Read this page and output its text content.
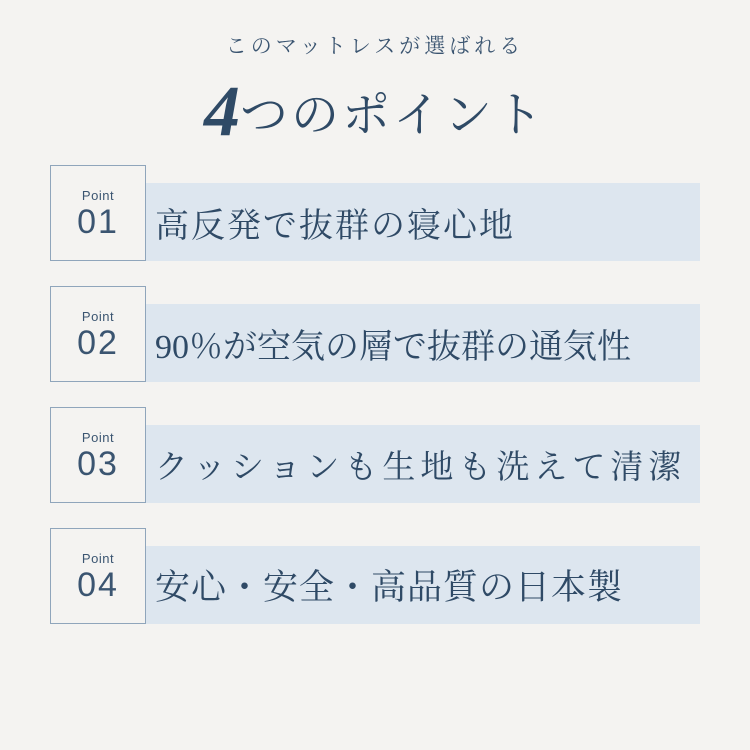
このマットレスが選ばれる
4つのポイント
Point
01 高反発で抜群の寝心地
Point
02 90％が空気の層で抜群の通気性
Point
03 クッションも生地も洗えて清潔
Point
04 安心・安全・高品質の日本製
